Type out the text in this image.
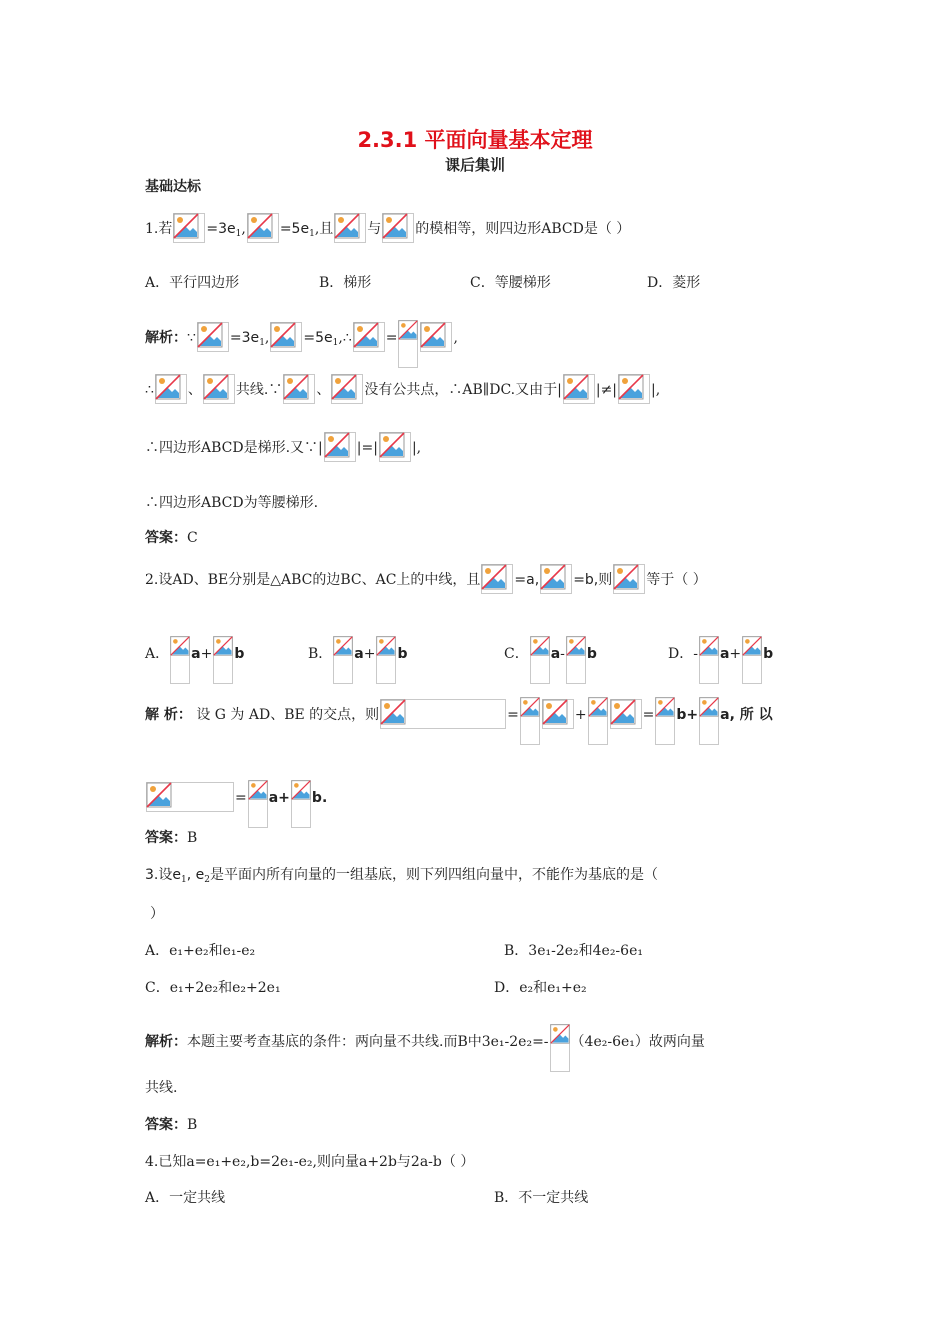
2.3.1 平面向量基本定理
课后集训
基础达标
1.若 $=3e_1$, $=5e_1$,且 与 的模相等，则四边形ABCD是（ ）
A．平行四边形	B．梯形	C．等腰梯形	D．菱形
解析：∵ $=3e_1$, $=5e_1,\therefore$ =	,
∴ 、 共线.∵ 、 没有公共点，∴AB∥DC.又由于| |≠| |,
∴四边形ABCD是梯形.又∵| |=| |,
∴四边形ABCD为等腰梯形.
答案：C
2.设AD、BE分别是△ABC的边BC、AC上的中线，且 =a, =b,则 等于（ ）
A． a+ b	B． a+ b	C． a- b	D．- a+ b
解 析： 设 G 为 AD、BE 的交点，则	=	+	= b+ a, 所 以
= a+ b.
答案：B
3.设$e_1$, $e_2$是平面内所有向量的一组基底，则下列四组向量中，不能作为基底的是（
）
A．e₁+e₂和e₁-e₂	B．3e₁-2e₂和4e₂-6e₁
C．e₁+2e₂和e₂+2e₁	D．e₂和e₁+e₂
解析：本题主要考查基底的条件：两向量不共线.而B中3e₁-2e₂=- （4e₂-6e₁）故两向量
共线.
答案：B
4.已知a=e₁+e₂,b=2e₁-e₂,则向量a+2b与2a-b（ ）
A．一定共线	B．不一定共线
